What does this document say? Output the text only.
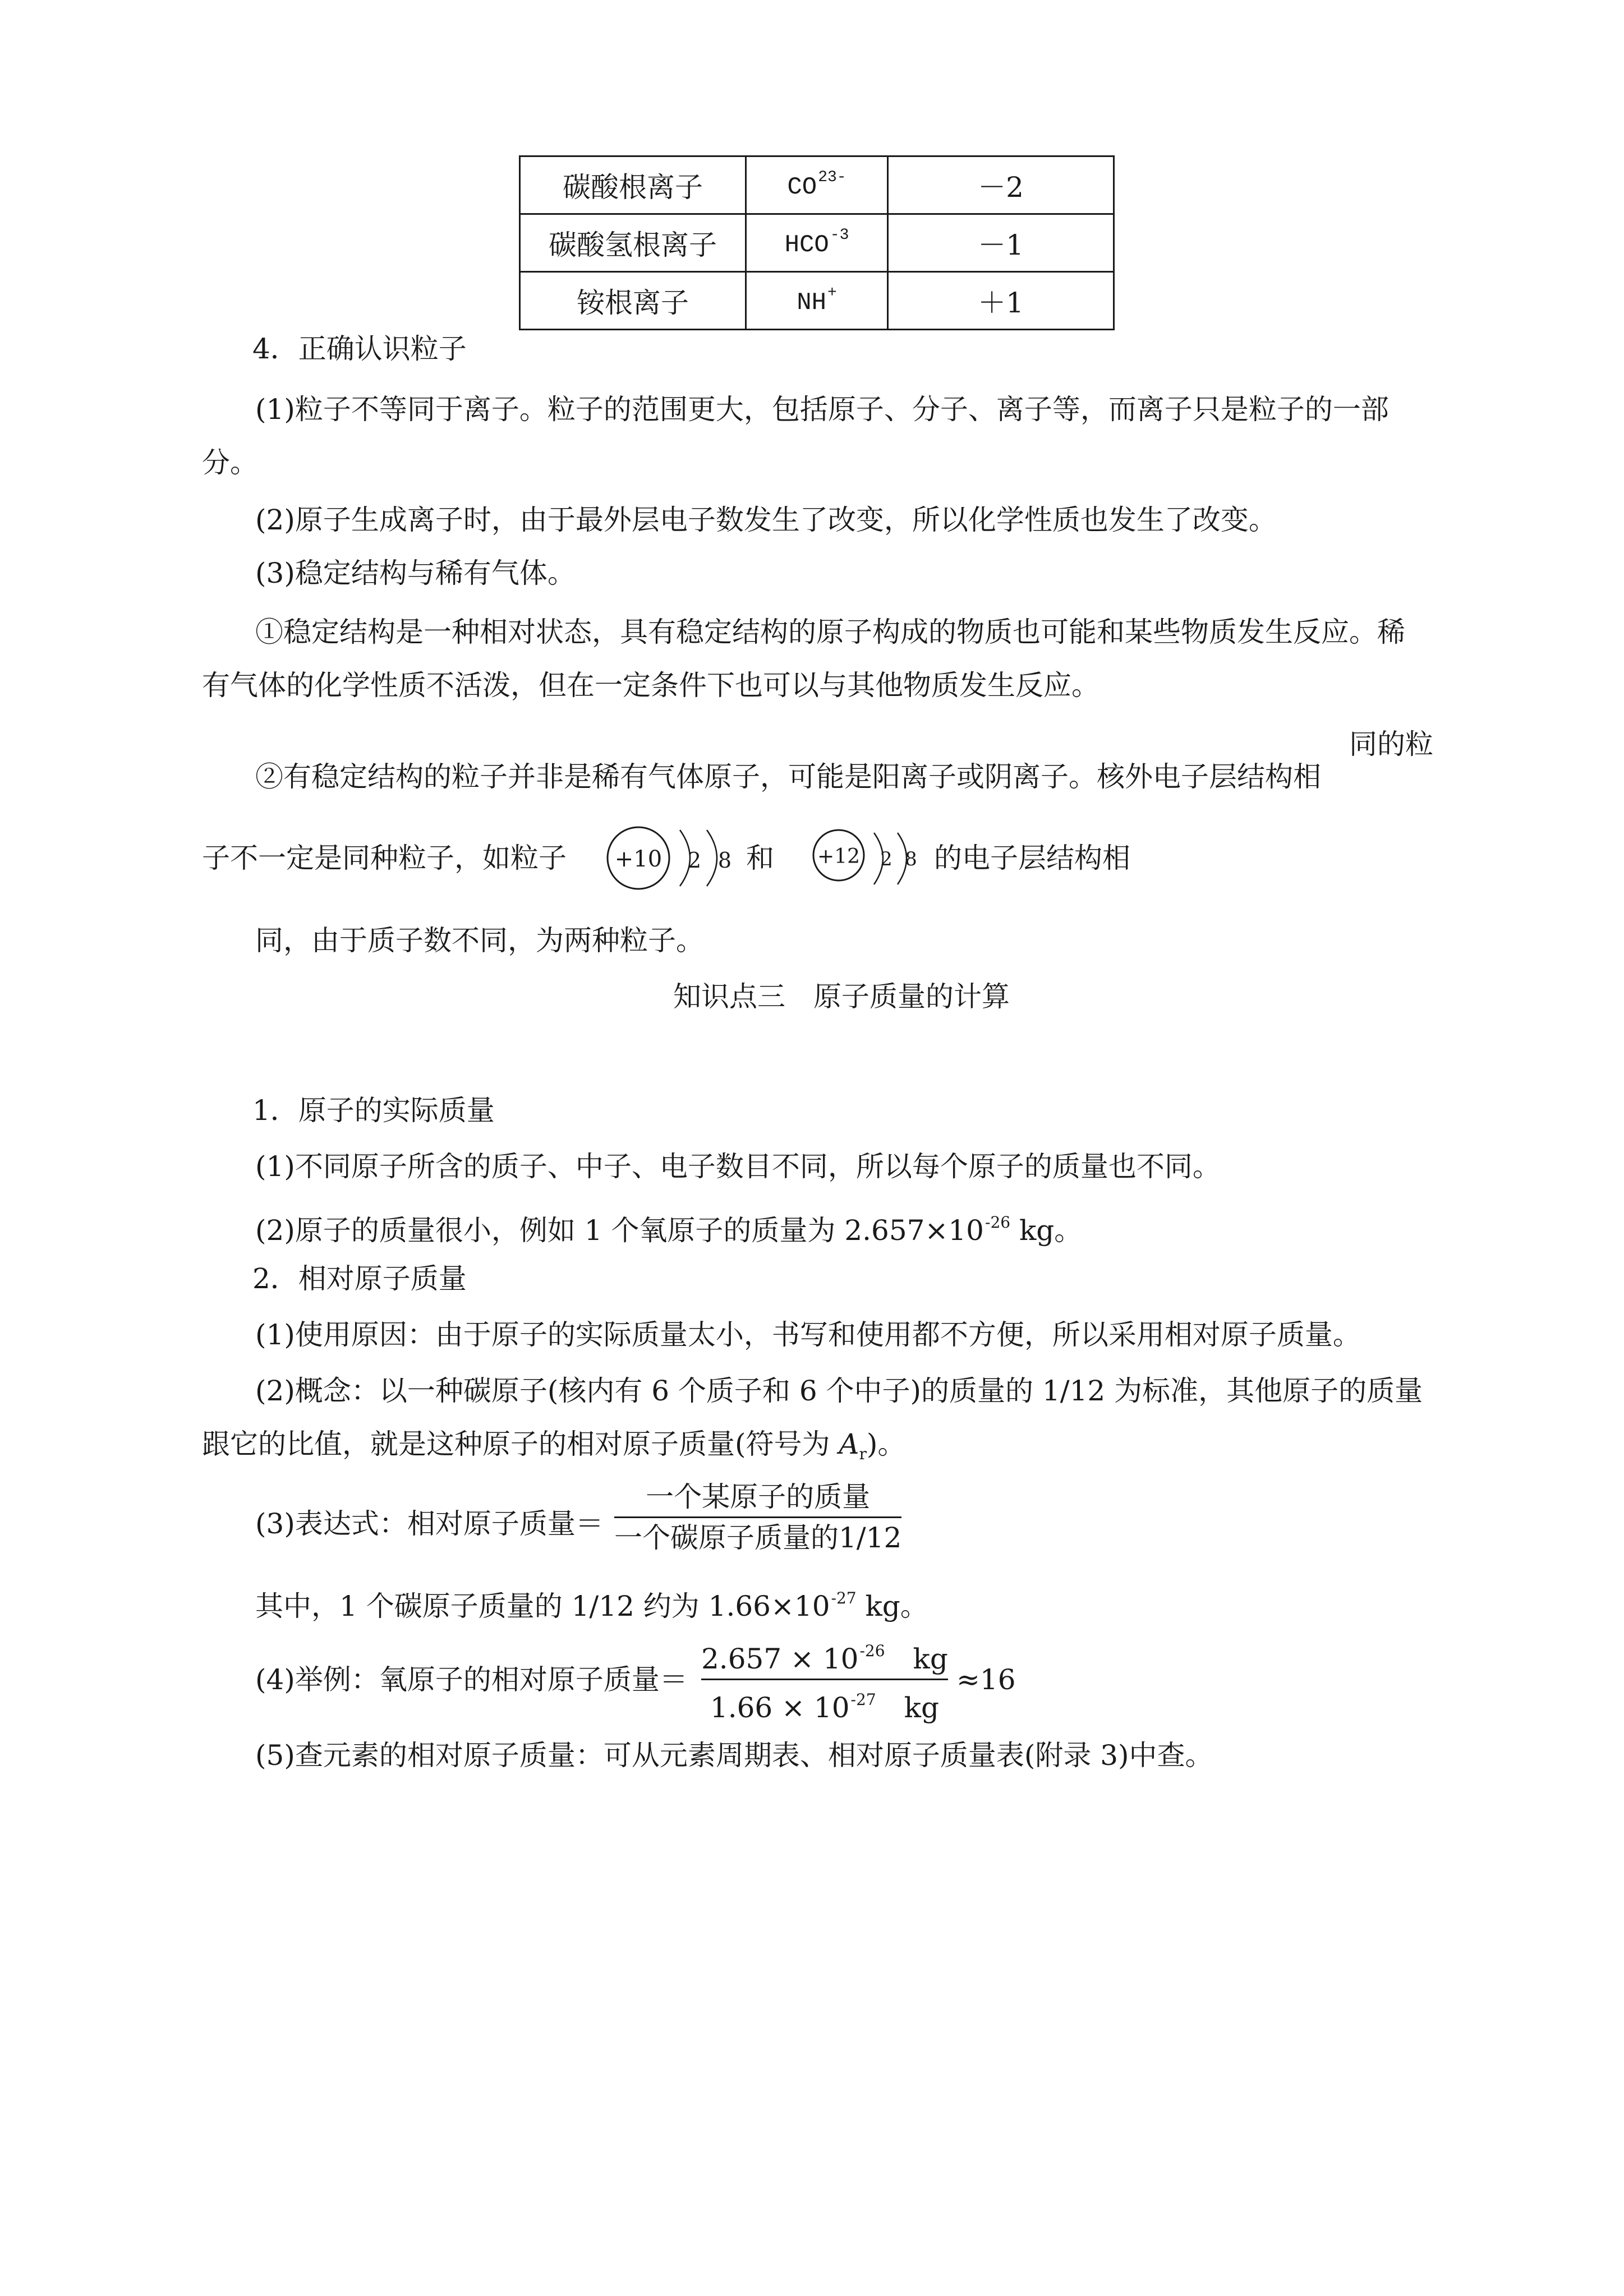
碳酸根离子	$CO^{23-}$	－2
碳酸氢根离子	$HCO^{-3}$	－1
铵根离子	NH+	＋1
4．正确认识粒子
(1)粒子不等同于离子。粒子的范围更大，包括原子、分子、离子等，而离子只是粒子的一部
分。
(2)原子生成离子时，由于最外层电子数发生了改变，所以化学性质也发生了改变。
(3)稳定结构与稀有气体。
①稳定结构是一种相对状态，具有稳定结构的原子构成的物质也可能和某些物质发生反应。稀
有气体的化学性质不活泼，但在一定条件下也可以与其他物质发生反应。
同的粒
②有稳定结构的粒子并非是稀有气体原子，可能是阳离子或阴离子。核外电子层结构相
子不一定是同种粒子，如粒子 +10 2 8 和 +12 2 8 的电子层结构相
同，由于质子数不同，为两种粒子。
知识点三　原子质量的计算
1．原子的实际质量
(1)不同原子所含的质子、中子、电子数目不同，所以每个原子的质量也不同。
(2)原子的质量很小，例如 1 个氧原子的质量为 $2.657\times 10^{-26}$ kg。
2．相对原子质量
(1)使用原因：由于原子的实际质量太小，书写和使用都不方便，所以采用相对原子质量。
(2)概念：以一种碳原子(核内有 6 个质子和 6 个中子)的质量的 1/12 为标准，其他原子的质量
跟它的比值，就是这种原子的相对原子质量(符号为 $A_r$)。
(3)表达式：相对原子质量＝
一个某原子的质量
一个碳原子质量的1/12
其中，1 个碳原子质量的 1/12 约为 $1.66\times 10^{-27}$ kg。
(4)举例：氧原子的相对原子质量＝
$2.657 \times 10^{-26}$　kg
$1.66 \times 10^{-27}$　kg
≈16
(5)查元素的相对原子质量：可从元素周期表、相对原子质量表(附录 3)中查。
